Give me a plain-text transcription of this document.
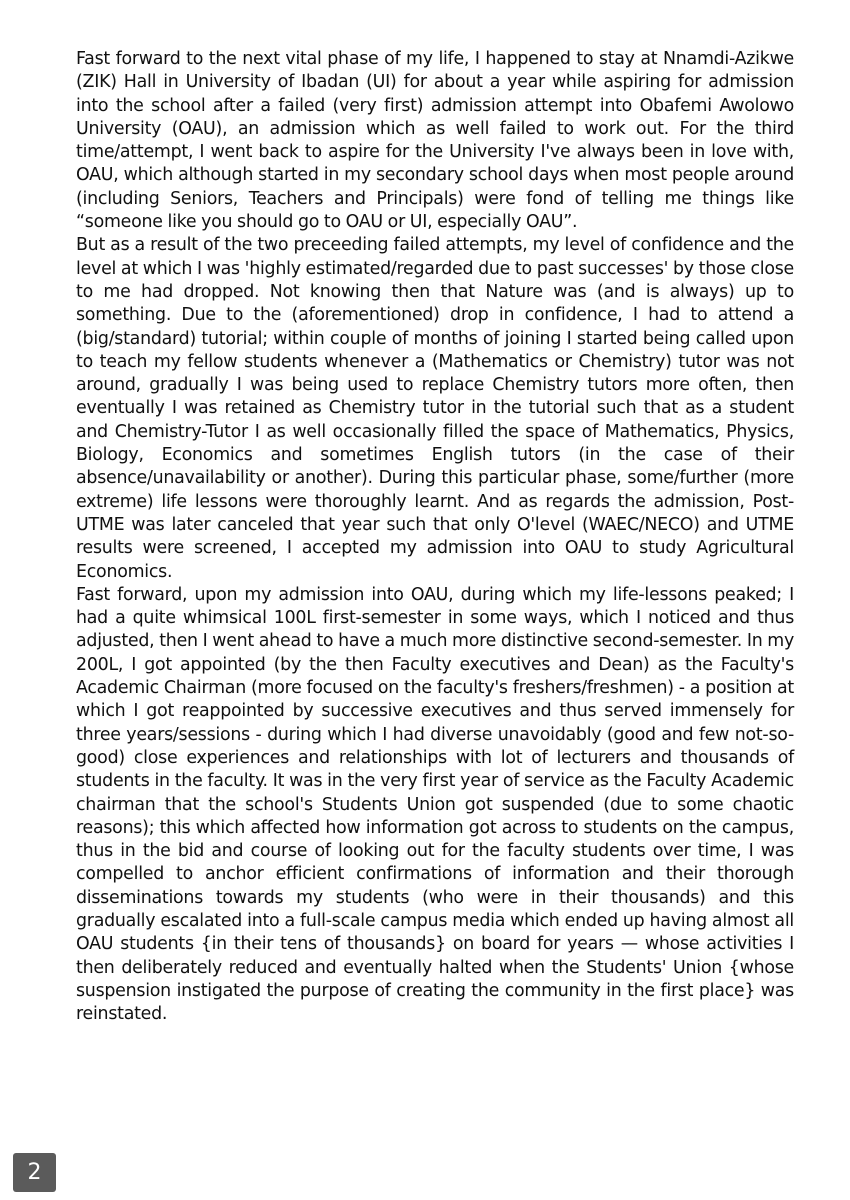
Fast forward to the next vital phase of my life, I happened to stay at Nnamdi-Azikwe (ZIK) Hall in University of Ibadan (UI) for about a year while aspiring for admission into the school after a failed (very first) admission attempt into Obafemi Awolowo University (OAU), an admission which as well failed to work out. For the third time/attempt, I went back to aspire for the University I've always been in love with, OAU, which although started in my secondary school days when most people around (including Seniors, Teachers and Principals) were fond of telling me things like “someone like you should go to OAU or UI, especially OAU”.

But as a result of the two preceeding failed attempts, my level of confidence and the level at which I was 'highly estimated/regarded due to past successes' by those close to me had dropped. Not knowing then that Nature was (and is always) up to something. Due to the (aforementioned) drop in confidence, I had to attend a (big/standard) tutorial; within couple of months of joining I started being called upon to teach my fellow students whenever a (Mathematics or Chemistry) tutor was not around, gradually I was being used to replace Chemistry tutors more often, then eventually I was retained as Chemistry tutor in the tutorial such that as a student and Chemistry-Tutor I as well occasionally filled the space of Mathematics, Physics, Biology, Economics and sometimes English tutors (in the case of their absence/unavailability or another). During this particular phase, some/further (more extreme) life lessons were thoroughly learnt. And as regards the admission, Post-UTME was later canceled that year such that only O'level (WAEC/NECO) and UTME results were screened, I accepted my admission into OAU to study Agricultural Economics.

Fast forward, upon my admission into OAU, during which my life-lessons peaked; I had a quite whimsical 100L first-semester in some ways, which I noticed and thus adjusted, then I went ahead to have a much more distinctive second-semester. In my 200L, I got appointed (by the then Faculty executives and Dean) as the Faculty's Academic Chairman (more focused on the faculty's freshers/freshmen) - a position at which I got reappointed by successive executives and thus served immensely for three years/sessions - during which I had diverse unavoidably (good and few not-so-good) close experiences and relationships with lot of lecturers and thousands of students in the faculty. It was in the very first year of service as the Faculty Academic chairman that the school's Students Union got suspended (due to some chaotic reasons); this which affected how information got across to students on the campus, thus in the bid and course of looking out for the faculty students over time, I was compelled to anchor efficient confirmations of information and their thorough disseminations towards my students (who were in their thousands) and this gradually escalated into a full-scale campus media which ended up having almost all OAU students {in their tens of thousands} on board for years — whose activities I then deliberately reduced and eventually halted when the Students' Union {whose suspension instigated the purpose of creating the community in the first place} was reinstated.

2
